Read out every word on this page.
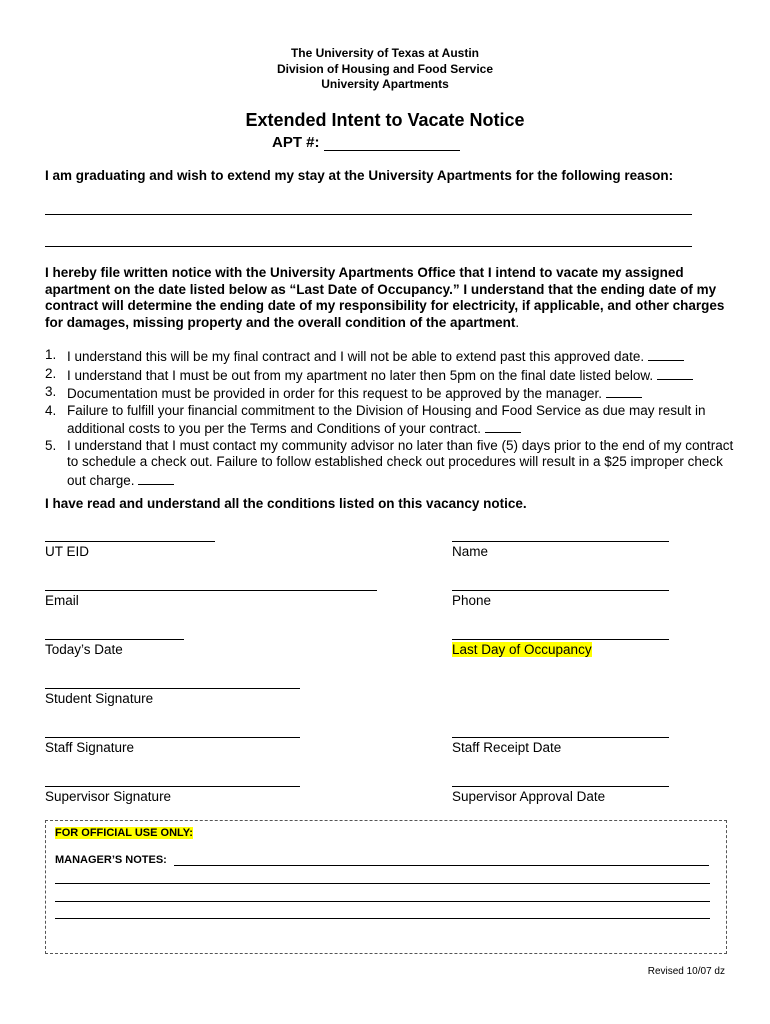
The University of Texas at Austin
Division of Housing and Food Service
University Apartments
Extended Intent to Vacate Notice
APT #:
I am graduating and wish to extend my stay at the University Apartments for the following reason:
I hereby file written notice with the University Apartments Office that I intend to vacate my assigned apartment on the date listed below as “Last Date of Occupancy.” I understand that the ending date of my contract will determine the ending date of my responsibility for electricity, if applicable, and other charges for damages, missing property and the overall condition of the apartment.
1. I understand this will be my final contract and I will not be able to extend past this approved date.
2. I understand that I must be out from my apartment no later then 5pm on the final date listed below.
3. Documentation must be provided in order for this request to be approved by the manager.
4. Failure to fulfill your financial commitment to the Division of Housing and Food Service as due may result in additional costs to you per the Terms and Conditions of your contract.
5. I understand that I must contact my community advisor no later than five (5) days prior to the end of my contract to schedule a check out. Failure to follow established check out procedures will result in a $25 improper check out charge.
I have read and understand all the conditions listed on this vacancy notice.
UT EID	Name
Email	Phone
Today’s Date	Last Day of Occupancy
Student Signature
Staff Signature	Staff Receipt Date
Supervisor Signature	Supervisor Approval Date
FOR OFFICIAL USE ONLY:
MANAGER’S NOTES:
Revised 10/07 dz
